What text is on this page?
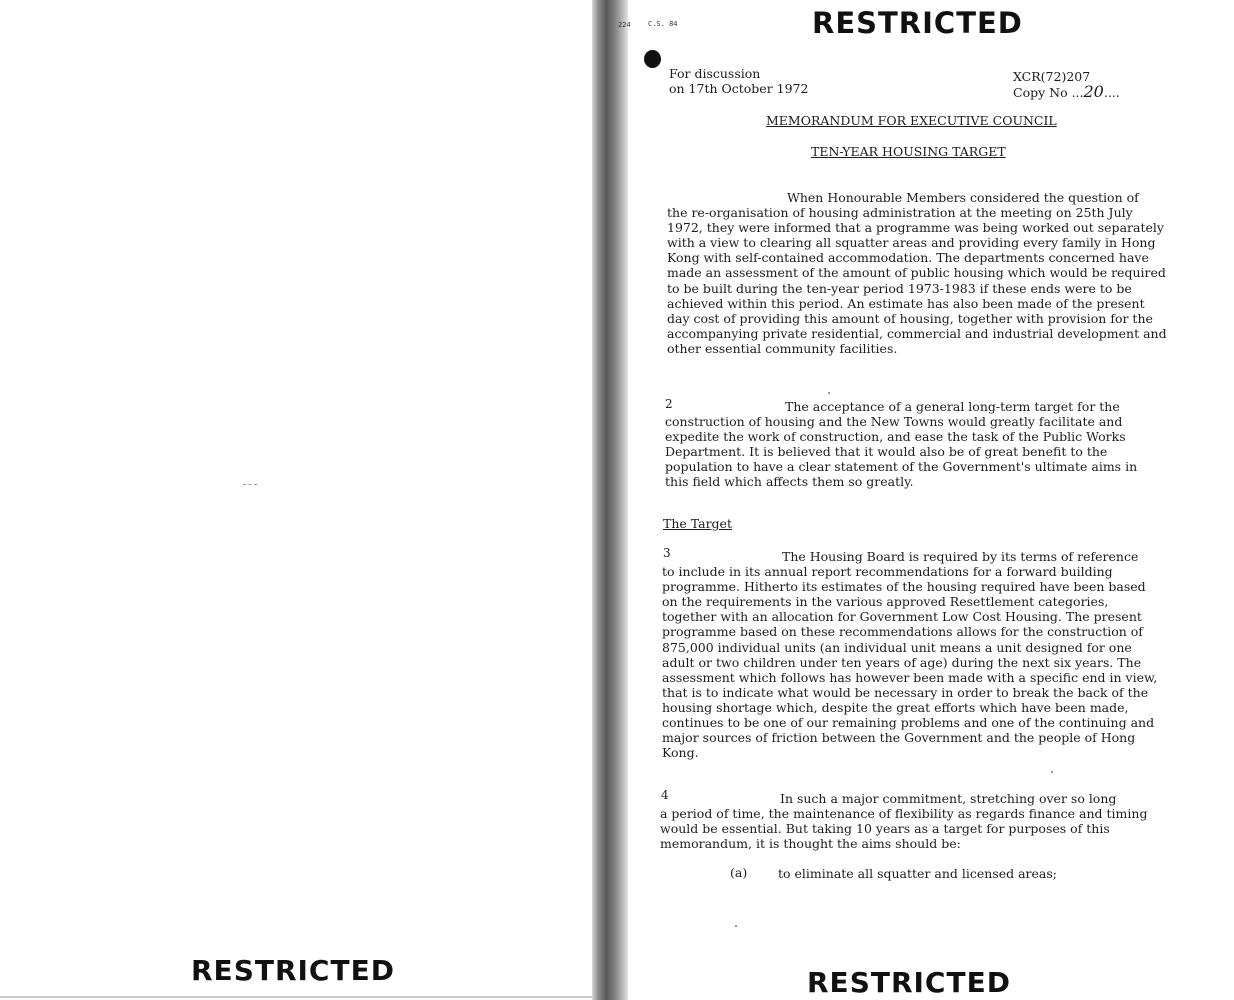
RESTRICTED
224 C.S. 84	RESTRICTED
For discussion
on 17th October 1972
XCR(72)207
Copy No ...20....
MEMORANDUM FOR EXECUTIVE COUNCIL
TEN-YEAR HOUSING TARGET
When Honourable Members considered the question of
the re-organisation of housing administration at the meeting on 25th July 1972, they were informed that a programme was being worked out separately with a view to clearing all squatter areas and providing every family in Hong Kong with self-contained accommodation. The departments concerned have made an assessment of the amount of public housing which would be required to be built during the ten-year period 1973-1983 if these ends were to be achieved within this period. An estimate has also been made of the present day cost of providing this amount of housing, together with provision for the accompanying private residential, commercial and industrial development and other essential community facilities.
2	The acceptance of a general long-term target for the
construction of housing and the New Towns would greatly facilitate and expedite the work of construction, and ease the task of the Public Works Department. It is believed that it would also be of great benefit to the population to have a clear statement of the Government's ultimate aims in this field which affects them so greatly.
The Target
3	The Housing Board is required by its terms of reference
to include in its annual report recommendations for a forward building programme. Hitherto its estimates of the housing required have been based on the requirements in the various approved Resettlement categories, together with an allocation for Government Low Cost Housing. The present programme based on these recommendations allows for the construction of 875,000 individual units (an individual unit means a unit designed for one adult or two children under ten years of age) during the next six years. The assessment which follows has however been made with a specific end in view, that is to indicate what would be necessary in order to break the back of the housing shortage which, despite the great efforts which have been made, continues to be one of our remaining problems and one of the continuing and major sources of friction between the Government and the people of Hong Kong.
4	In such a major commitment, stretching over so long
a period of time, the maintenance of flexibility as regards finance and timing would be essential. But taking 10 years as a target for purposes of this memorandum, it is thought the aims should be:
(a) to eliminate all squatter and licensed areas;
RESTRICTED
